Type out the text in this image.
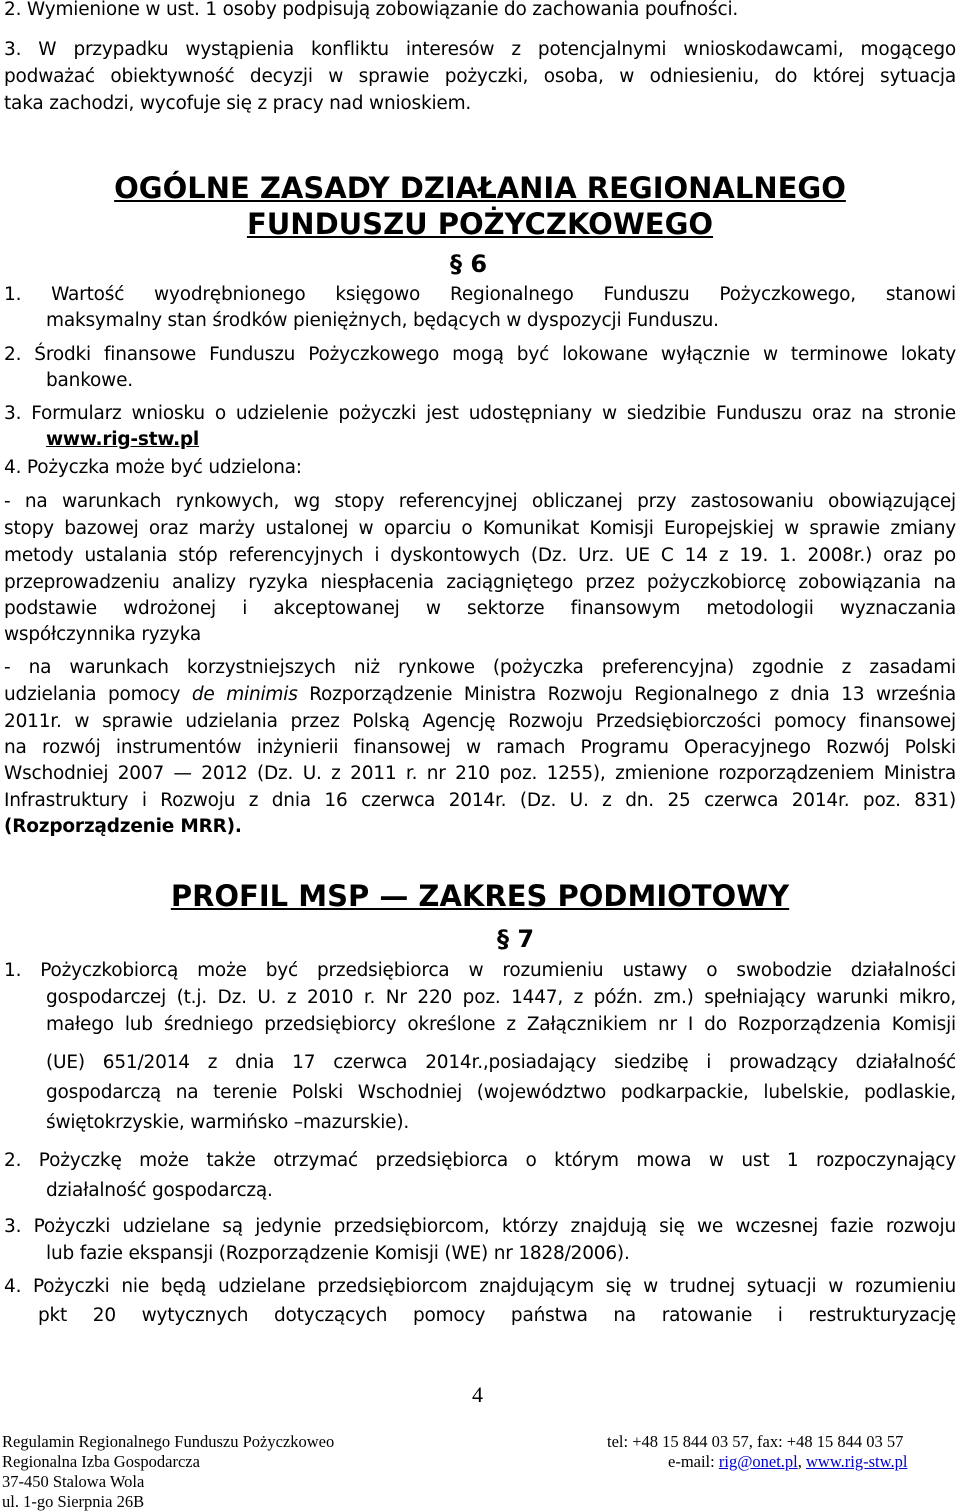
2. Wymienione w ust. 1 osoby podpisują zobowiązanie do zachowania poufności.
3. W przypadku wystąpienia konfliktu interesów z potencjalnymi wnioskodawcami, mogącego
podważać obiektywność decyzji w sprawie pożyczki, osoba, w odniesieniu, do której sytuacja
taka zachodzi, wycofuje się z pracy nad wnioskiem.
OGÓLNE ZASADY DZIAŁANIA REGIONALNEGO
FUNDUSZU POŻYCZKOWEGO
§ 6
1. Wartość wyodrębnionego księgowo Regionalnego Funduszu Pożyczkowego, stanowi
maksymalny stan środków pieniężnych, będących w dyspozycji Funduszu.
2. Środki finansowe Funduszu Pożyczkowego mogą być lokowane wyłącznie w terminowe lokaty
bankowe.
3. Formularz wniosku o udzielenie pożyczki jest udostępniany w siedzibie Funduszu oraz na stronie
www.rig-stw.pl
4. Pożyczka może być udzielona:
- na warunkach rynkowych, wg stopy referencyjnej obliczanej przy zastosowaniu obowiązującej
stopy bazowej oraz marży ustalonej w oparciu o Komunikat Komisji Europejskiej w sprawie zmiany
metody ustalania stóp referencyjnych i dyskontowych (Dz. Urz. UE C 14 z 19. 1. 2008r.) oraz po
przeprowadzeniu analizy ryzyka niespłacenia zaciągniętego przez pożyczkobiorcę zobowiązania na
podstawie wdrożonej i akceptowanej w sektorze finansowym metodologii wyznaczania
współczynnika ryzyka
- na warunkach korzystniejszych niż rynkowe (pożyczka preferencyjna) zgodnie z zasadami
udzielania pomocy de minimis Rozporządzenie Ministra Rozwoju Regionalnego z dnia 13 września
2011r. w sprawie udzielania przez Polską Agencję Rozwoju Przedsiębiorczości pomocy finansowej
na rozwój instrumentów inżynierii finansowej w ramach Programu Operacyjnego Rozwój Polski
Wschodniej 2007 — 2012 (Dz. U. z 2011 r. nr 210 poz. 1255), zmienione rozporządzeniem Ministra
Infrastruktury i Rozwoju z dnia 16 czerwca 2014r. (Dz. U. z dn. 25 czerwca 2014r. poz. 831)
(Rozporządzenie MRR).
PROFIL MSP — ZAKRES PODMIOTOWY
§ 7
1. Pożyczkobiorcą może być przedsiębiorca w rozumieniu ustawy o swobodzie działalności
gospodarczej (t.j. Dz. U. z 2010 r. Nr 220 poz. 1447, z późn. zm.) spełniający warunki mikro,
małego lub średniego przedsiębiorcy określone z Załącznikiem nr I do Rozporządzenia Komisji
(UE) 651/2014 z dnia 17 czerwca 2014r.,posiadający siedzibę i prowadzący działalność
gospodarczą na terenie Polski Wschodniej (województwo podkarpackie, lubelskie, podlaskie,
świętokrzyskie, warmińsko –mazurskie).
2. Pożyczkę może także otrzymać przedsiębiorca o którym mowa w ust 1 rozpoczynający
działalność gospodarczą.
3. Pożyczki udzielane są jedynie przedsiębiorcom, którzy znajdują się we wczesnej fazie rozwoju
lub fazie ekspansji (Rozporządzenie Komisji (WE) nr 1828/2006).
4. Pożyczki nie będą udzielane przedsiębiorcom znajdującym się w trudnej sytuacji w rozumieniu
pkt 20 wytycznych dotyczących pomocy państwa na ratowanie i restrukturyzację
4
Regulamin Regionalnego Funduszu Pożyczkoweo
Regionalna Izba Gospodarcza
37-450 Stalowa Wola
ul. 1-go Sierpnia 26B
tel: +48 15 844 03 57, fax: +48 15 844 03 57
e-mail: rig@onet.pl, www.rig-stw.pl
